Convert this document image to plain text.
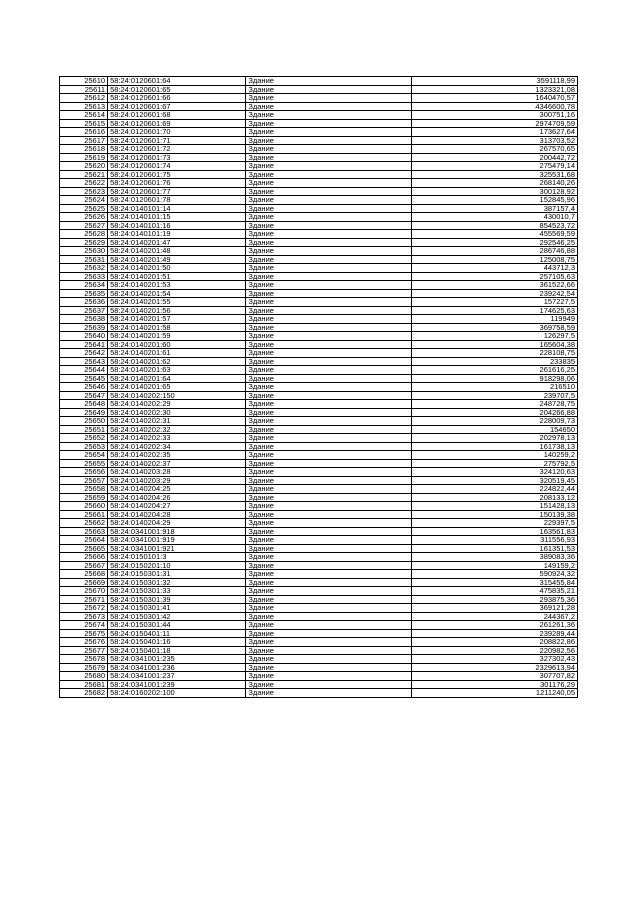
25610	58:24:0120601:64	Здание	3591118,99
25611	58:24:0120601:65	Здание	1323321,08
25612	58:24:0120601:66	Здание	1640470,57
25613	58:24:0120601:67	Здание	4346600,78
25614	58:24:0120601:68	Здание	300751,16
25615	58:24:0120601:69	Здание	2974709,59
25616	58:24:0120601:70	Здание	173627,64
25617	58:24:0120601:71	Здание	313703,52
25618	58:24:0120601:72	Здание	267570,65
25619	58:24:0120601:73	Здание	200442,72
25620	58:24:0120601:74	Здание	275479,14
25621	58:24:0120601:75	Здание	325531,68
25622	58:24:0120601:76	Здание	268140,26
25623	58:24:0120601:77	Здание	300128,92
25624	58:24:0120601:78	Здание	152845,96
25625	58:24:0140101:14	Здание	387157,4
25626	58:24:0140101:15	Здание	430010,7
25627	58:24:0140101:16	Здание	854523,72
25628	58:24:0140101:19	Здание	455569,59
25629	58:24:0140201:47	Здание	292546,25
25630	58:24:0140201:48	Здание	286746,88
25631	58:24:0140201:49	Здание	125008,75
25632	58:24:0140201:50	Здание	443712,3
25633	58:24:0140201:51	Здание	257105,63
25634	58:24:0140201:53	Здание	361522,66
25635	58:24:0140201:54	Здание	239242,54
25636	58:24:0140201:55	Здание	157227,5
25637	58:24:0140201:56	Здание	174625,63
25638	58:24:0140201:57	Здание	119949
25639	58:24:0140201:58	Здание	369758,59
25640	58:24:0140201:59	Здание	126297,5
25641	58:24:0140201:60	Здание	165604,38
25642	58:24:0140201:61	Здание	228108,75
25643	58:24:0140201:62	Здание	233835
25644	58:24:0140201:63	Здание	261616,25
25645	58:24:0140201:64	Здание	918298,06
25646	58:24:0140201:65	Здание	216510
25647	58:24:0140202:150	Здание	239707,5
25648	58:24:0140202:29	Здание	248728,75
25649	58:24:0140202:30	Здание	204266,88
25650	58:24:0140202:31	Здание	228009,73
25651	58:24:0140202:32	Здание	154650
25652	58:24:0140202:33	Здание	202978,13
25653	58:24:0140202:34	Здание	161738,13
25654	58:24:0140202:35	Здание	140259,2
25655	58:24:0140202:37	Здание	275792,5
25656	58:24:0140203:28	Здание	324120,63
25657	58:24:0140203:29	Здание	320519,45
25658	58:24:0140204:25	Здание	224822,44
25659	58:24:0140204:26	Здание	208133,12
25660	58:24:0140204:27	Здание	151428,13
25661	58:24:0140204:28	Здание	150139,38
25662	58:24:0140204:29	Здание	229397,5
25663	58:24:0341001:918	Здание	163561,83
25664	58:24:0341001:919	Здание	311556,93
25665	58:24:0341001:921	Здание	161351,53
25666	58:24:0150101:3	Здание	389083,36
25667	58:24:0150201:10	Здание	149159,2
25668	58:24:0150301:31	Здание	590924,32
25669	58:24:0150301:32	Здание	315455,84
25670	58:24:0150301:33	Здание	475835,21
25671	58:24:0150301:39	Здание	293875,36
25672	58:24:0150301:41	Здание	369121,28
25673	58:24:0150301:42	Здание	244367,2
25674	58:24:0150301:44	Здание	261261,36
25675	58:24:0150401:11	Здание	239289,44
25676	58:24:0150401:16	Здание	208822,86
25677	58:24:0150401:18	Здание	220982,56
25678	58:24:0341001:235	Здание	327302,43
25679	58:24:0341001:236	Здание	2329613,94
25680	58:24:0341001:237	Здание	307707,82
25681	58:24:0341001:239	Здание	301176,29
25682	58:24:0160202:100	Здание	1211240,05
